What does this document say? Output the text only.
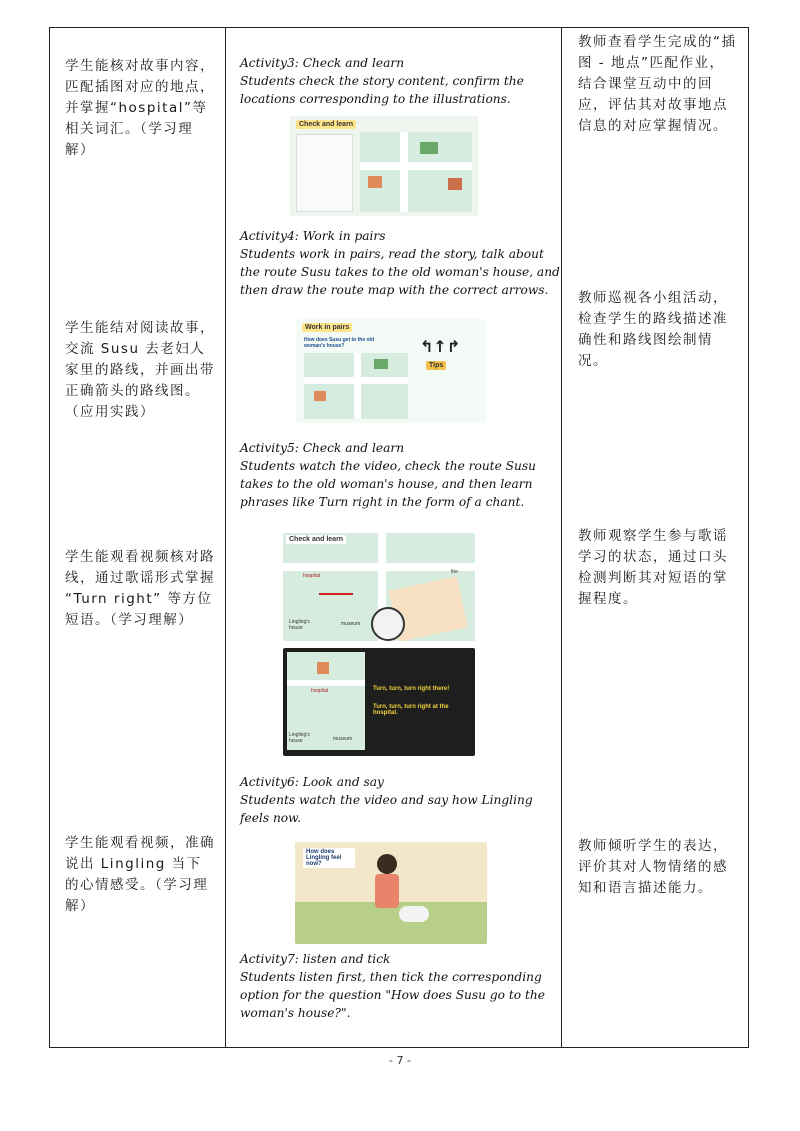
学生能核对故事内容，匹配插图对应的地点，并掌握“hospital”等相关词汇。（学习理解）
教师查看学生完成的“插图 - 地点”匹配作业，结合课堂互动中的回应，评估其对故事地点信息的对应掌握情况。
Activity3: Check and learn
Students check the story content, confirm the locations corresponding to the illustrations.
Check and learn
学生能结对阅读故事，交流 Susu 去老妇人家里的路线，并画出带正确箭头的路线图。（应用实践）
教师巡视各小组活动，检查学生的路线描述准确性和路线图绘制情况。
Activity4: Work in pairs
Students work in pairs, read the story, talk about the route Susu takes to the old woman's house, and then draw the route map with the correct arrows.
Work in pairs
How does Susu get to the old woman's house?	↰↑↱
Tips
学生能观看视频核对路线，通过歌谣形式掌握 “Turn right” 等方位短语。（学习理解）
教师观察学生参与歌谣学习的状态，通过口头检测判断其对短语的掌握程度。
Activity5: Check and learn
Students watch the video, check the route Susu takes to the old woman's house, and then learn phrases like Turn right in the form of a chant.
Check and learn
hospital
the
Lingling's house
museum
hospital
Lingling's house	museum
Turn, turn, turn right there!
Turn, turn, turn right at the hospital.
学生能观看视频，准确说出 Lingling 当下的心情感受。（学习理解）
教师倾听学生的表达，评价其对人物情绪的感知和语言描述能力。
Activity6: Look and say
Students watch the video and say how Lingling feels now.
How does Lingling feel now?
Activity7: listen and tick
Students listen first, then tick the corresponding option for the question "How does Susu go to the woman's house?".
- 7 -
